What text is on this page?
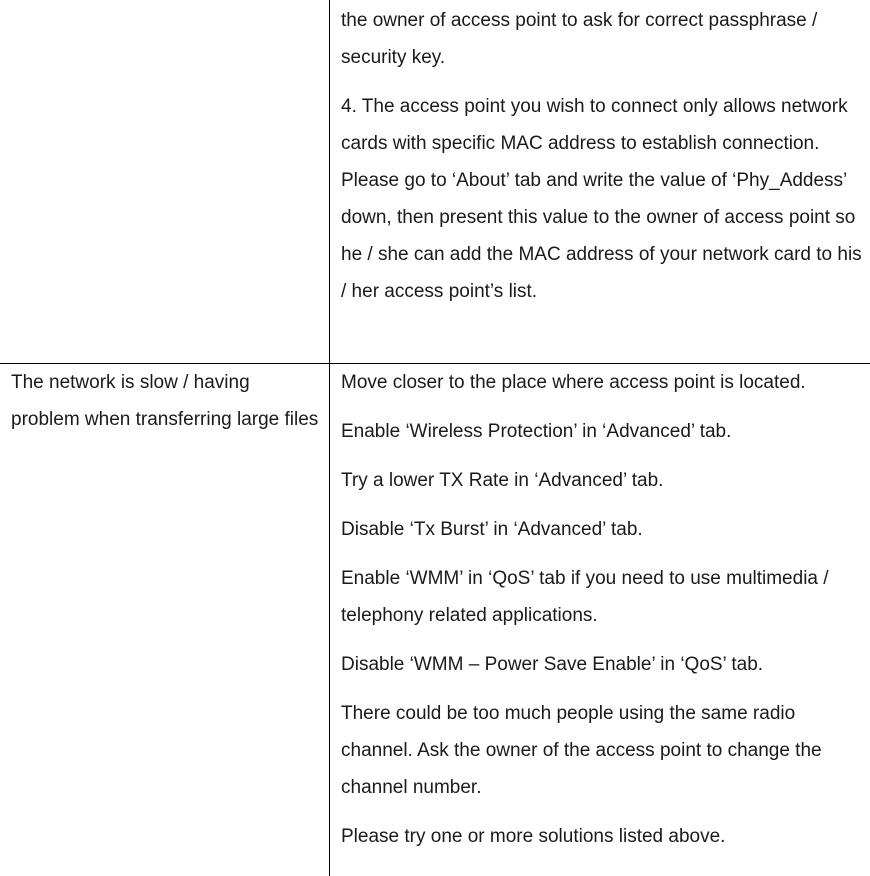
the owner of access point to ask for correct passphrase / security key.

4. The access point you wish to connect only allows network cards with specific MAC address to establish connection. Please go to ‘About’ tab and write the value of ‘Phy_Addess’ down, then present this value to the owner of access point so he / she can add the MAC address of your network card to his / her access point’s list.

The network is slow / having problem when transferring large files

Move closer to the place where access point is located.

Enable ‘Wireless Protection’ in ‘Advanced’ tab.

Try a lower TX Rate in ‘Advanced’ tab.

Disable ‘Tx Burst’ in ‘Advanced’ tab.

Enable ‘WMM’ in ‘QoS’ tab if you need to use multimedia / telephony related applications.

Disable ‘WMM – Power Save Enable’ in ‘QoS’ tab.

There could be too much people using the same radio channel. Ask the owner of the access point to change the channel number.

Please try one or more solutions listed above.
